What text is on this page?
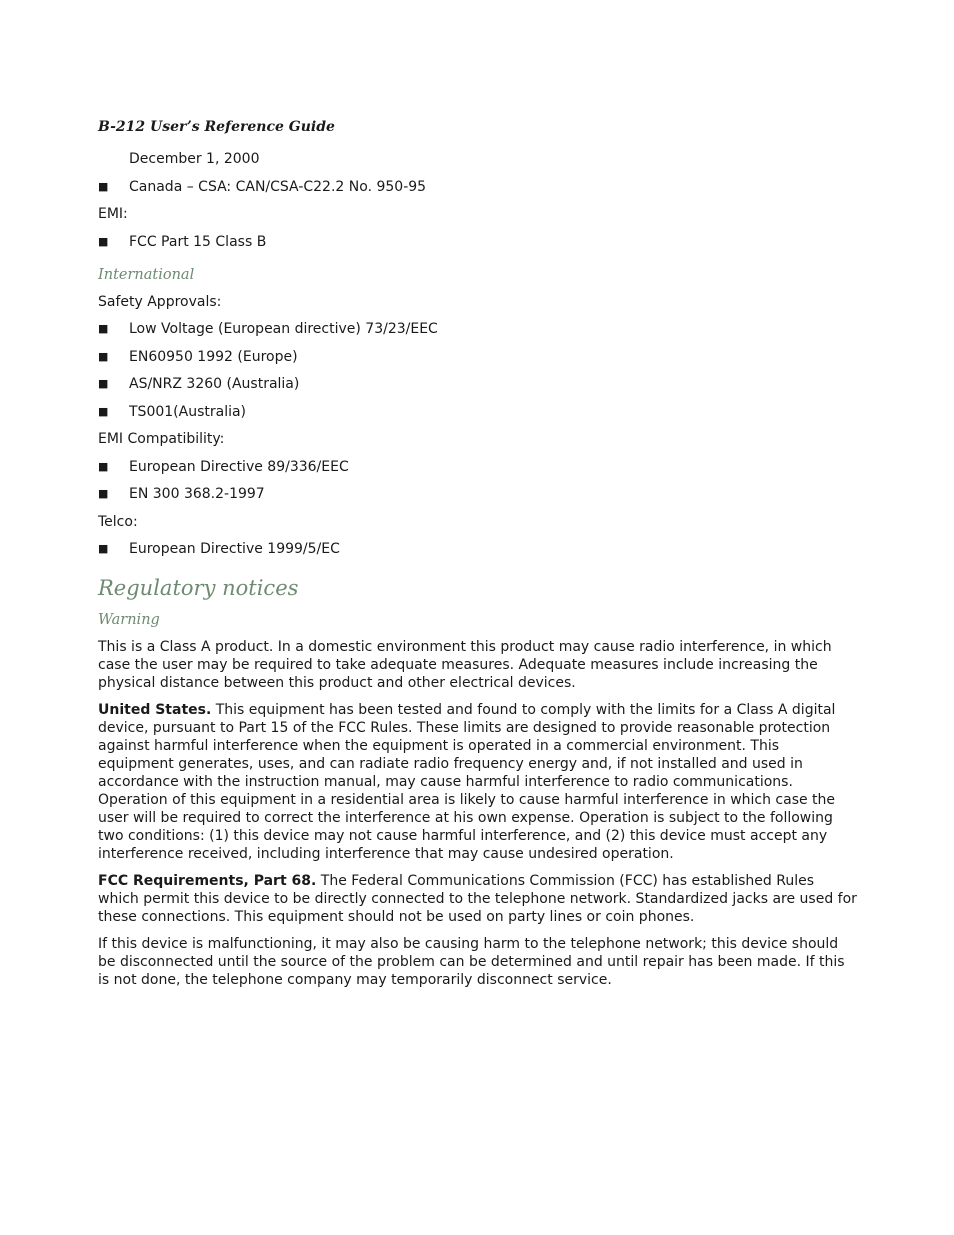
B-212 User’s Reference Guide
December 1, 2000
■ Canada – CSA: CAN/CSA-C22.2 No. 950-95
EMI:
■ FCC Part 15 Class B
International
Safety Approvals:
■ Low Voltage (European directive) 73/23/EEC
■ EN60950 1992 (Europe)
■ AS/NRZ 3260 (Australia)
■ TS001(Australia)
EMI Compatibility:
■ European Directive 89/336/EEC
■ EN 300 368.2-1997
Telco:
■ European Directive 1999/5/EC
Regulatory notices
Warning

This is a Class A product. In a domestic environment this product may cause radio interference, in which case the user may be required to take adequate measures. Adequate measures include increasing the physical distance between this product and other electrical devices.

United States. This equipment has been tested and found to comply with the limits for a Class A digital device, pursuant to Part 15 of the FCC Rules. These limits are designed to provide reasonable protection against harmful interference when the equipment is operated in a commercial environment. This equipment generates, uses, and can radiate radio frequency energy and, if not installed and used in accordance with the instruction manual, may cause harmful interference to radio communications. Operation of this equipment in a residential area is likely to cause harmful interference in which case the user will be required to correct the interference at his own expense. Operation is subject to the following two conditions: (1) this device may not cause harmful interference, and (2) this device must accept any interference received, including interference that may cause undesired operation.

FCC Requirements, Part 68. The Federal Communications Commission (FCC) has established Rules which permit this device to be directly connected to the telephone network. Standardized jacks are used for these connections. This equipment should not be used on party lines or coin phones.

If this device is malfunctioning, it may also be causing harm to the telephone network; this device should be disconnected until the source of the problem can be determined and until repair has been made. If this is not done, the telephone company may temporarily disconnect service.
